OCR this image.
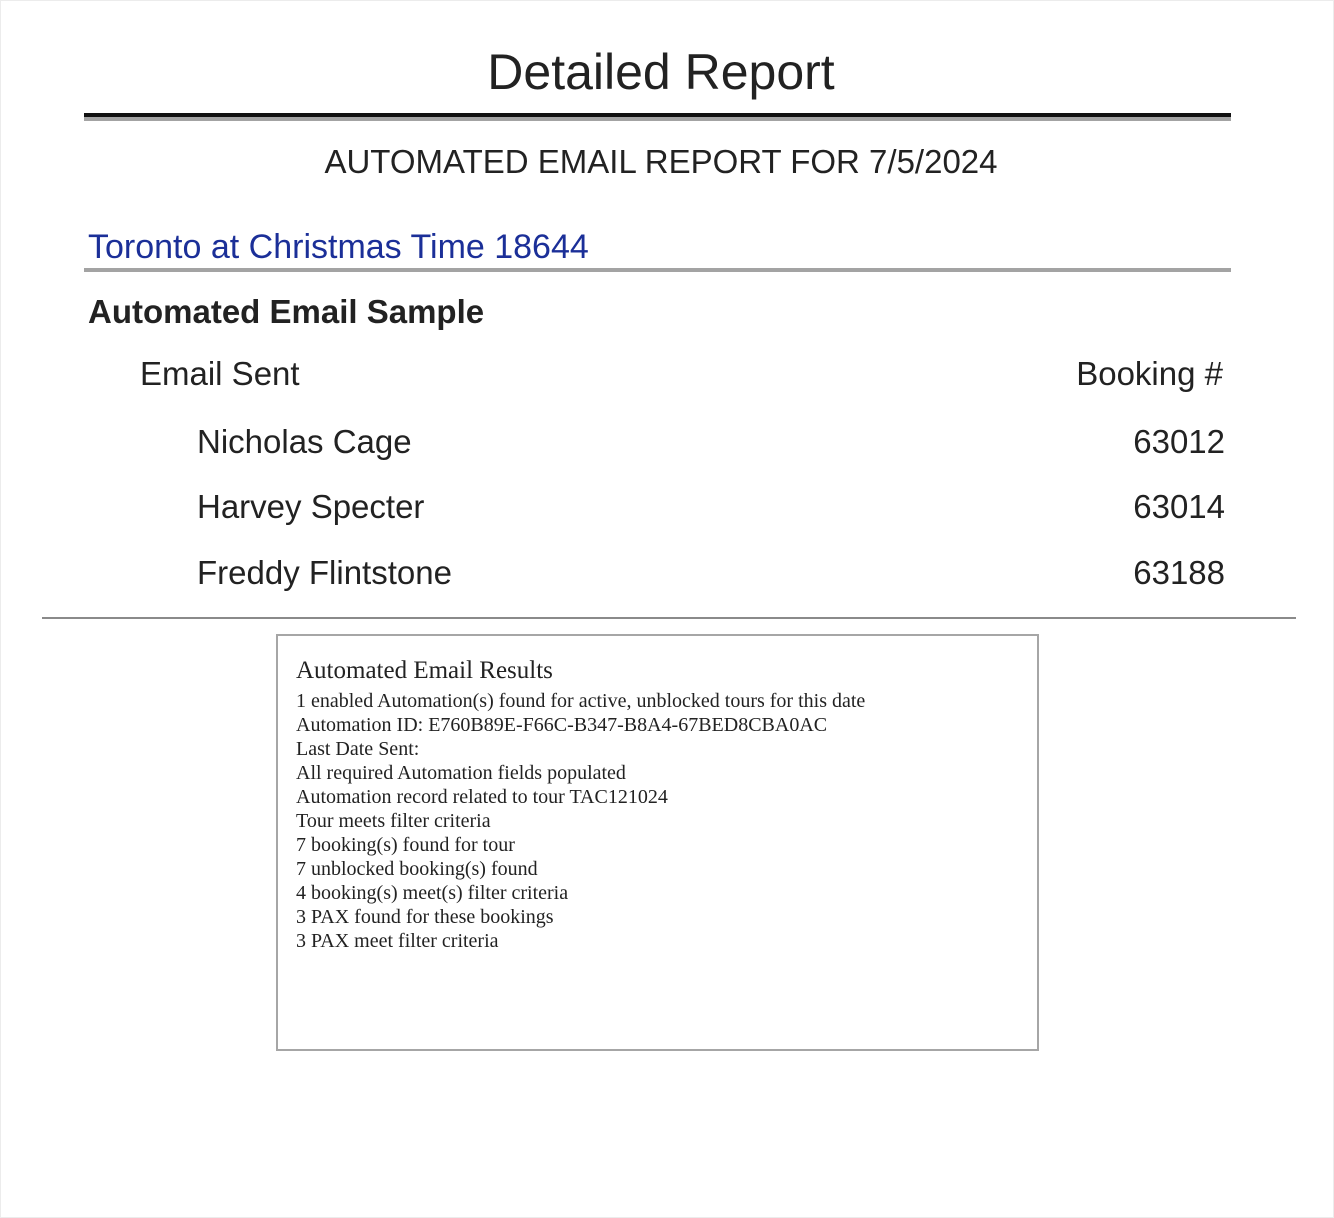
Detailed Report
AUTOMATED EMAIL REPORT FOR 7/5/2024
Toronto at Christmas Time 18644
Automated Email Sample
Email Sent	Booking #
Nicholas Cage	63012
Harvey Specter	63014
Freddy Flintstone	63188
Automated Email Results
1 enabled Automation(s) found for active, unblocked tours for this date
Automation ID: E760B89E-F66C-B347-B8A4-67BED8CBA0AC
Last Date Sent:
All required Automation fields populated
Automation record related to tour TAC121024
Tour meets filter criteria
7 booking(s) found for tour
7 unblocked booking(s) found
4 booking(s) meet(s) filter criteria
3 PAX found for these bookings
3 PAX meet filter criteria
